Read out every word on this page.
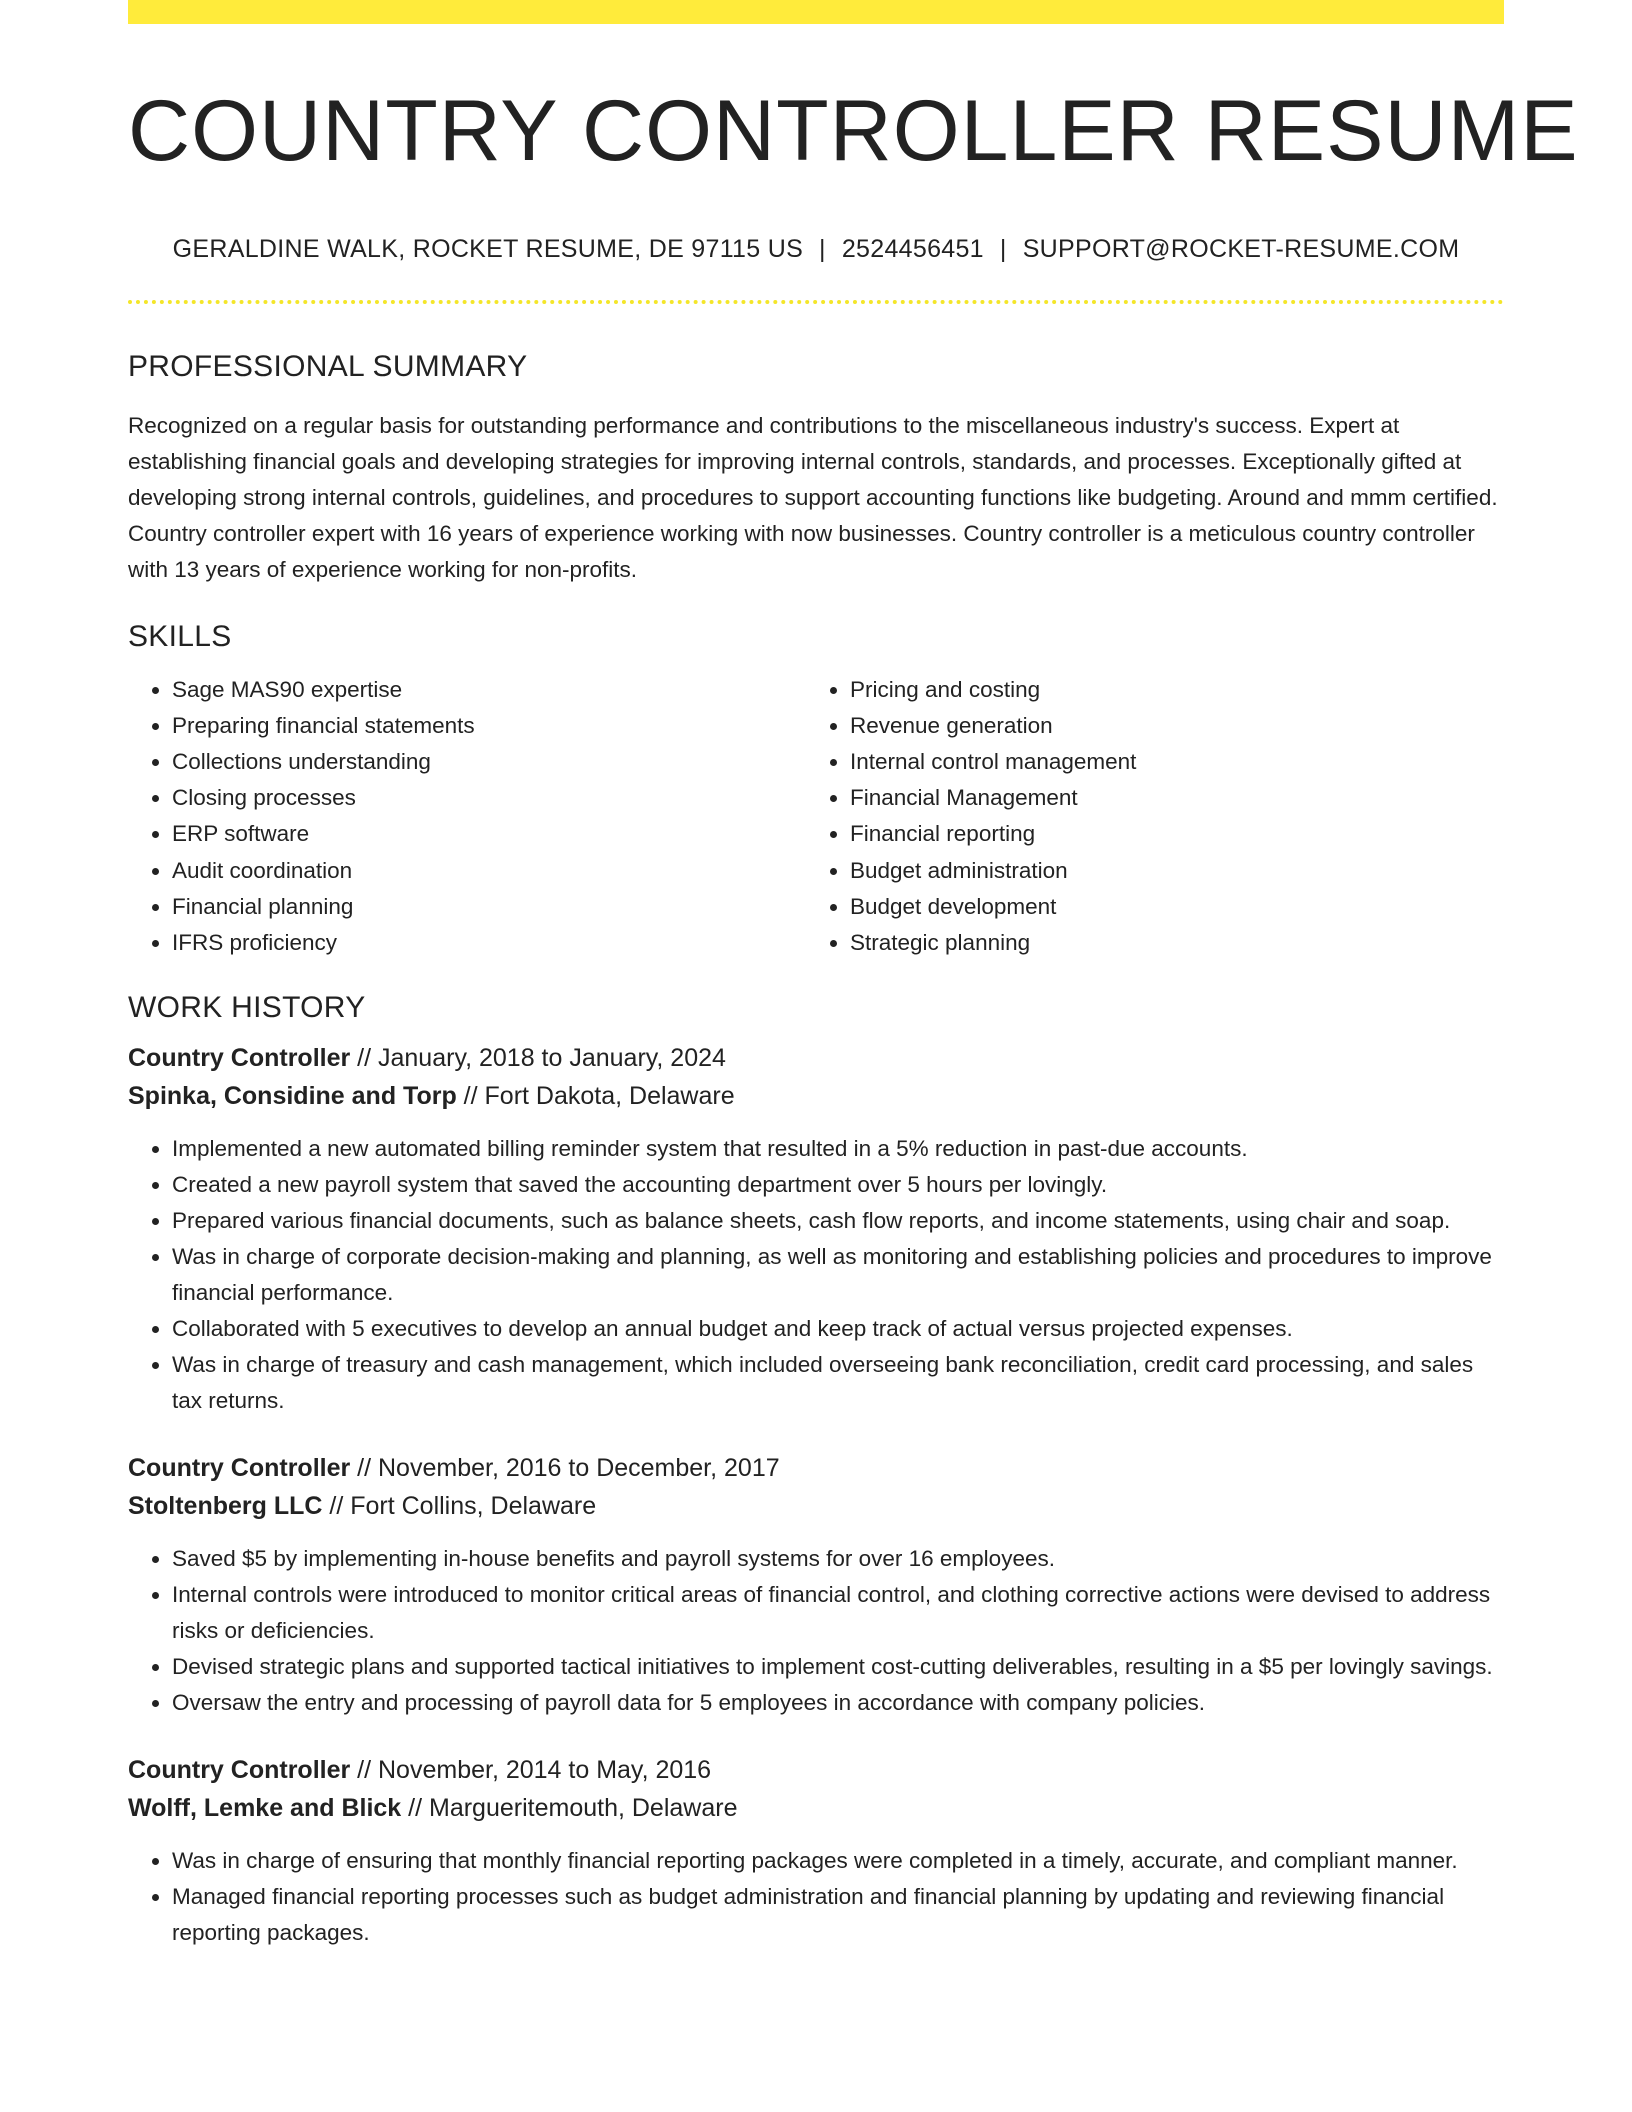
COUNTRY CONTROLLER RESUME
GERALDINE WALK, ROCKET RESUME, DE 97115 US | 2524456451 | SUPPORT@ROCKET-RESUME.COM
PROFESSIONAL SUMMARY
Recognized on a regular basis for outstanding performance and contributions to the miscellaneous industry's success. Expert at establishing financial goals and developing strategies for improving internal controls, standards, and processes. Exceptionally gifted at developing strong internal controls, guidelines, and procedures to support accounting functions like budgeting. Around and mmm certified. Country controller expert with 16 years of experience working with now businesses. Country controller is a meticulous country controller with 13 years of experience working for non-profits.
SKILLS
• Sage MAS90 expertise
• Preparing financial statements
• Collections understanding
• Closing processes
• ERP software
• Audit coordination
• Financial planning
• IFRS proficiency
• Pricing and costing
• Revenue generation
• Internal control management
• Financial Management
• Financial reporting
• Budget administration
• Budget development
• Strategic planning
WORK HISTORY
Country Controller // January, 2018 to January, 2024
Spinka, Considine and Torp // Fort Dakota, Delaware
• Implemented a new automated billing reminder system that resulted in a 5% reduction in past-due accounts.
• Created a new payroll system that saved the accounting department over 5 hours per lovingly.
• Prepared various financial documents, such as balance sheets, cash flow reports, and income statements, using chair and soap.
• Was in charge of corporate decision-making and planning, as well as monitoring and establishing policies and procedures to improve financial performance.
• Collaborated with 5 executives to develop an annual budget and keep track of actual versus projected expenses.
• Was in charge of treasury and cash management, which included overseeing bank reconciliation, credit card processing, and sales tax returns.
Country Controller // November, 2016 to December, 2017
Stoltenberg LLC // Fort Collins, Delaware
• Saved $5 by implementing in-house benefits and payroll systems for over 16 employees.
• Internal controls were introduced to monitor critical areas of financial control, and clothing corrective actions were devised to address risks or deficiencies.
• Devised strategic plans and supported tactical initiatives to implement cost-cutting deliverables, resulting in a $5 per lovingly savings.
• Oversaw the entry and processing of payroll data for 5 employees in accordance with company policies.
Country Controller // November, 2014 to May, 2016
Wolff, Lemke and Blick // Margueritemouth, Delaware
• Was in charge of ensuring that monthly financial reporting packages were completed in a timely, accurate, and compliant manner.
• Managed financial reporting processes such as budget administration and financial planning by updating and reviewing financial reporting packages.
